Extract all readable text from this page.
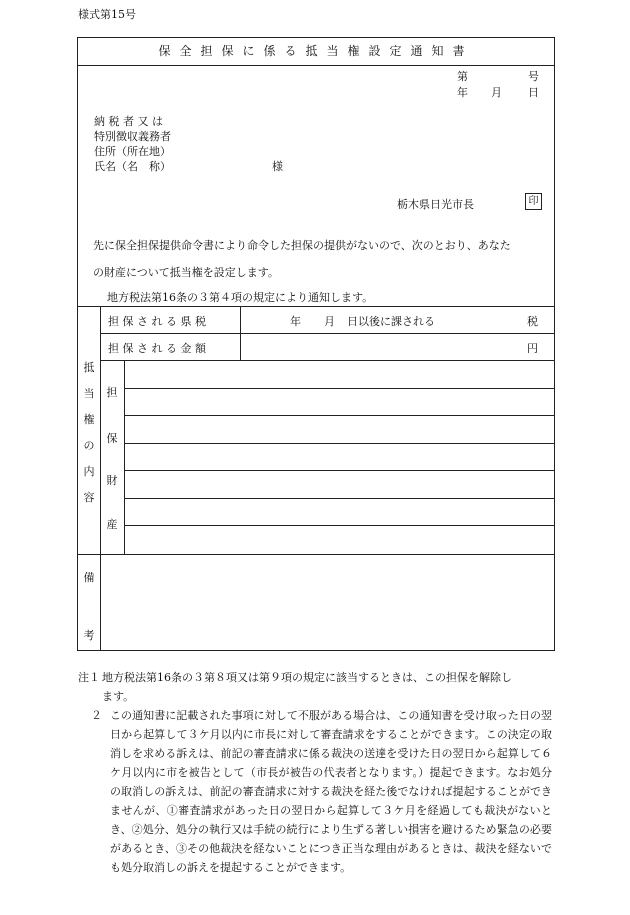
様式第15号
保全担保に係る抵当権設定通知書
第	号
年 月 日
納 税 者 又 は
特別徴収義務者
住所（所在地）
氏名（名　称）	様
栃木県日光市長	印
先に保全担保提供命令書により命令した担保の提供がないので、次のとおり、あなた
の財産について抵当権を設定します。
地方税法第16条の３第４項の規定により通知します。
担 保 さ れ る 県 税	年 月 日以後に課される	税
担 保 さ れ る 金 額	円
抵
当
権
の
内
容
担
保
財
産
備
考
注１ 地方税法第16条の３第８項又は第９項の規定に該当するときは、この担保を解除し
ます。
２ この通知書に記載された事項に対して不服がある場合は、この通知書を受け取った日の翌日から起算して３ケ月以内に市長に対して審査請求をすることができます。この決定の取消しを求める訴えは、前記の審査請求に係る裁決の送達を受けた日の翌日から起算して６ケ月以内に市を被告として（市長が被告の代表者となります。）提起できます。なお処分の取消しの訴えは、前記の審査請求に対する裁決を経た後でなければ提起することができませんが、①審査請求があった日の翌日から起算して３ケ月を経過しても裁決がないとき、②処分、処分の執行又は手続の続行により生ずる著しい損害を避けるため緊急の必要があるとき、③その他裁決を経ないことにつき正当な理由があるときは、裁決を経ないでも処分取消しの訴えを提起することができます。
